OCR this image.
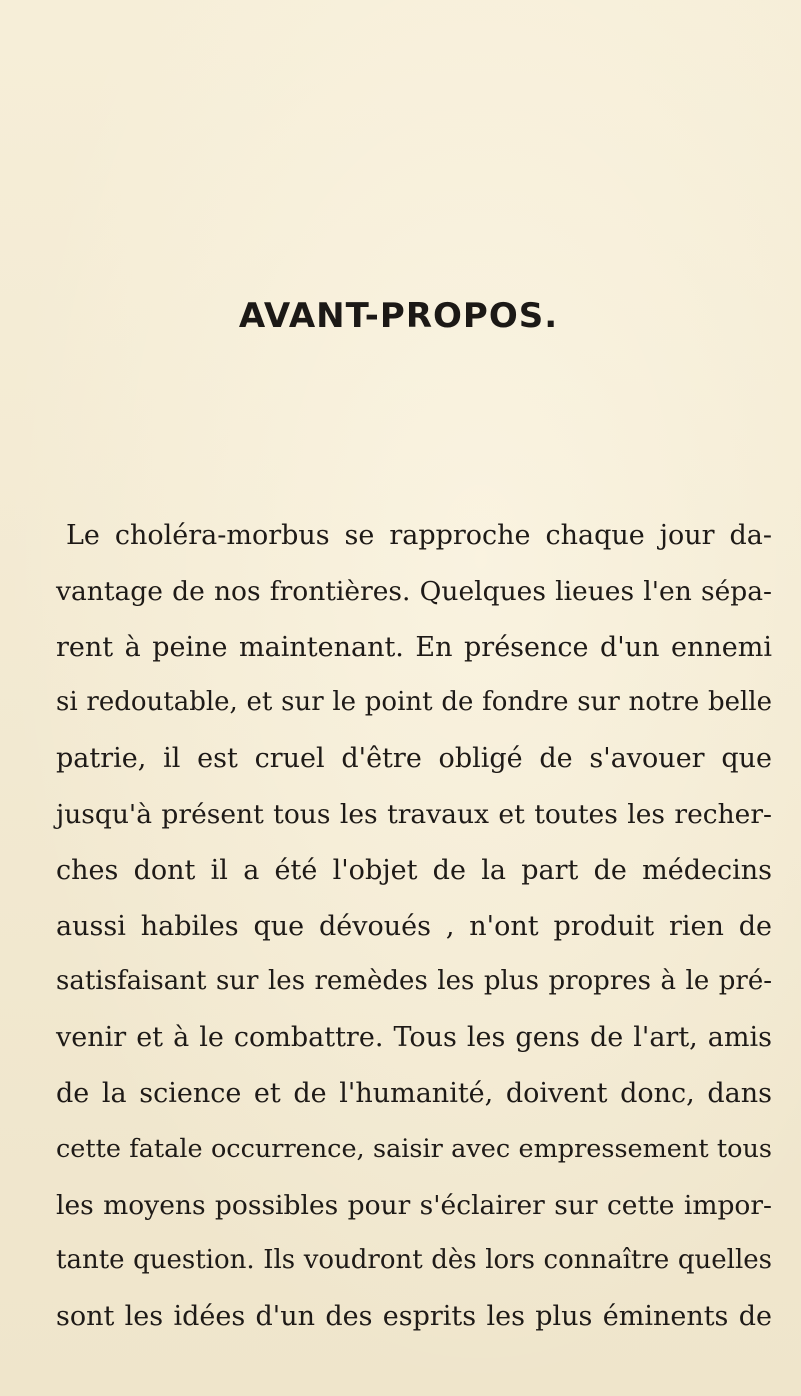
AVANT-PROPOS.
Le choléra-morbus se rapproche chaque jour da-
vantage de nos frontières. Quelques lieues l'en sépa-
rent à peine maintenant. En présence d'un ennemi
si redoutable, et sur le point de fondre sur notre belle
patrie, il est cruel d'être obligé de s'avouer que
jusqu'à présent tous les travaux et toutes les recher-
ches dont il a été l'objet de la part de médecins
aussi habiles que dévoués , n'ont produit rien de
satisfaisant sur les remèdes les plus propres à le pré-
venir et à le combattre. Tous les gens de l'art, amis
de la science et de l'humanité, doivent donc, dans
cette fatale occurrence, saisir avec empressement tous
les moyens possibles pour s'éclairer sur cette impor-
tante question. Ils voudront dès lors connaître quelles
sont les idées d'un des esprits les plus éminents de
